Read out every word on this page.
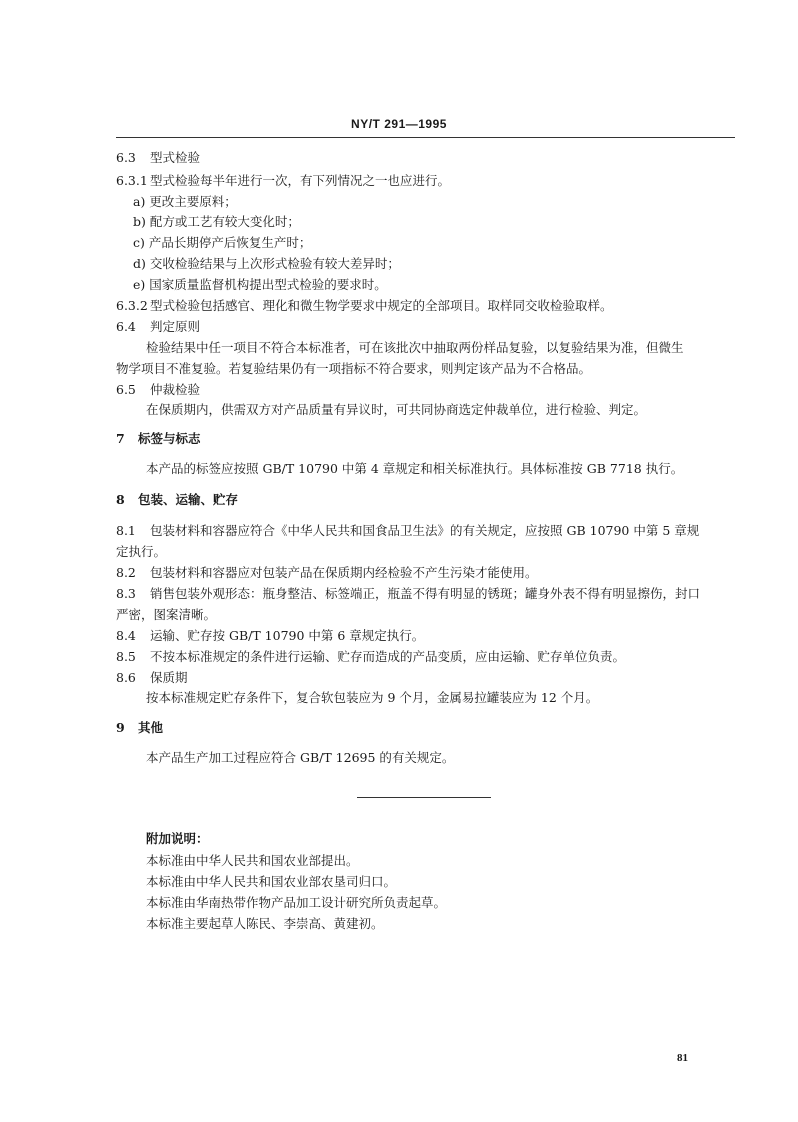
NY/T 291—1995
6.3 型式检验
6.3.1 型式检验每半年进行一次，有下列情况之一也应进行。
a) 更改主要原料；
b) 配方或工艺有较大变化时；
c) 产品长期停产后恢复生产时；
d) 交收检验结果与上次形式检验有较大差异时；
e) 国家质量监督机构提出型式检验的要求时。
6.3.2 型式检验包括感官、理化和微生物学要求中规定的全部项目。取样同交收检验取样。
6.4 判定原则
检验结果中任一项目不符合本标准者，可在该批次中抽取两份样品复验，以复验结果为准，但微生
物学项目不准复验。若复验结果仍有一项指标不符合要求，则判定该产品为不合格品。
6.5 仲裁检验
在保质期内，供需双方对产品质量有异议时，可共同协商选定仲裁单位，进行检验、判定。
7 标签与标志
本产品的标签应按照 GB/T 10790 中第 4 章规定和相关标准执行。具体标准按 GB 7718 执行。
8 包装、运输、贮存
8.1 包装材料和容器应符合《中华人民共和国食品卫生法》的有关规定，应按照 GB 10790 中第 5 章规
定执行。
8.2 包装材料和容器应对包装产品在保质期内经检验不产生污染才能使用。
8.3 销售包装外观形态：瓶身整洁、标签端正，瓶盖不得有明显的锈斑；罐身外表不得有明显擦伤，封口
严密，图案清晰。
8.4 运输、贮存按 GB/T 10790 中第 6 章规定执行。
8.5 不按本标准规定的条件进行运输、贮存而造成的产品变质，应由运输、贮存单位负责。
8.6 保质期
按本标准规定贮存条件下，复合软包装应为 9 个月，金属易拉罐装应为 12 个月。
9 其他
本产品生产加工过程应符合 GB/T 12695 的有关规定。
附加说明：
本标准由中华人民共和国农业部提出。
本标准由中华人民共和国农业部农垦司归口。
本标准由华南热带作物产品加工设计研究所负责起草。
本标准主要起草人陈民、李崇高、黄建初。
81
